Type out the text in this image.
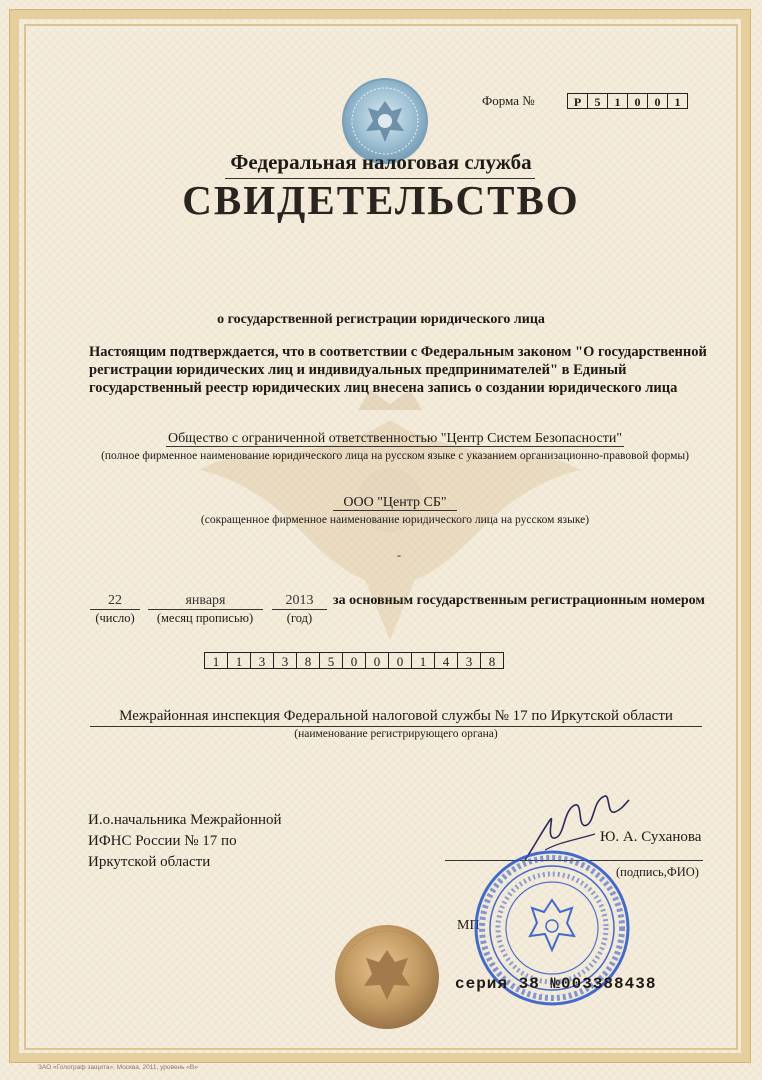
Форма №	Р	5	1	0	0	1
Федеральная налоговая служба
СВИДЕТЕЛЬСТВО
о государственной регистрации юридического лица
Настоящим подтверждается, что в соответствии с Федеральным законом "О государственной регистрации юридических лиц и индивидуальных предпринимателей" в Единый государственный реестр юридических лиц внесена запись о создании юридического лица
Общество с ограниченной ответственностью "Центр Систем Безопасности"
(полное фирменное наименование юридического лица на русском языке с указанием организационно-правовой формы)
ООО "Центр СБ"
(сокращенное фирменное наименование юридического лица на русском языке)
-
22	января	2013
(число)	(месяц прописью)	(год)
за основным государственным регистрационным номером
1	1	3	3	8	5	0	0	0	1	4	3	8
Межрайонная инспекция Федеральной налоговой службы № 17 по Иркутской области
(наименование регистрирующего органа)
И.о.начальника Межрайонной
ИФНС России № 17 по
Иркутской области
Ю. А. Суханова
(подпись,ФИО)
МП
серия 38 №003388438
ЗАО «Голограф защита», Москва, 2011, уровень «В»
